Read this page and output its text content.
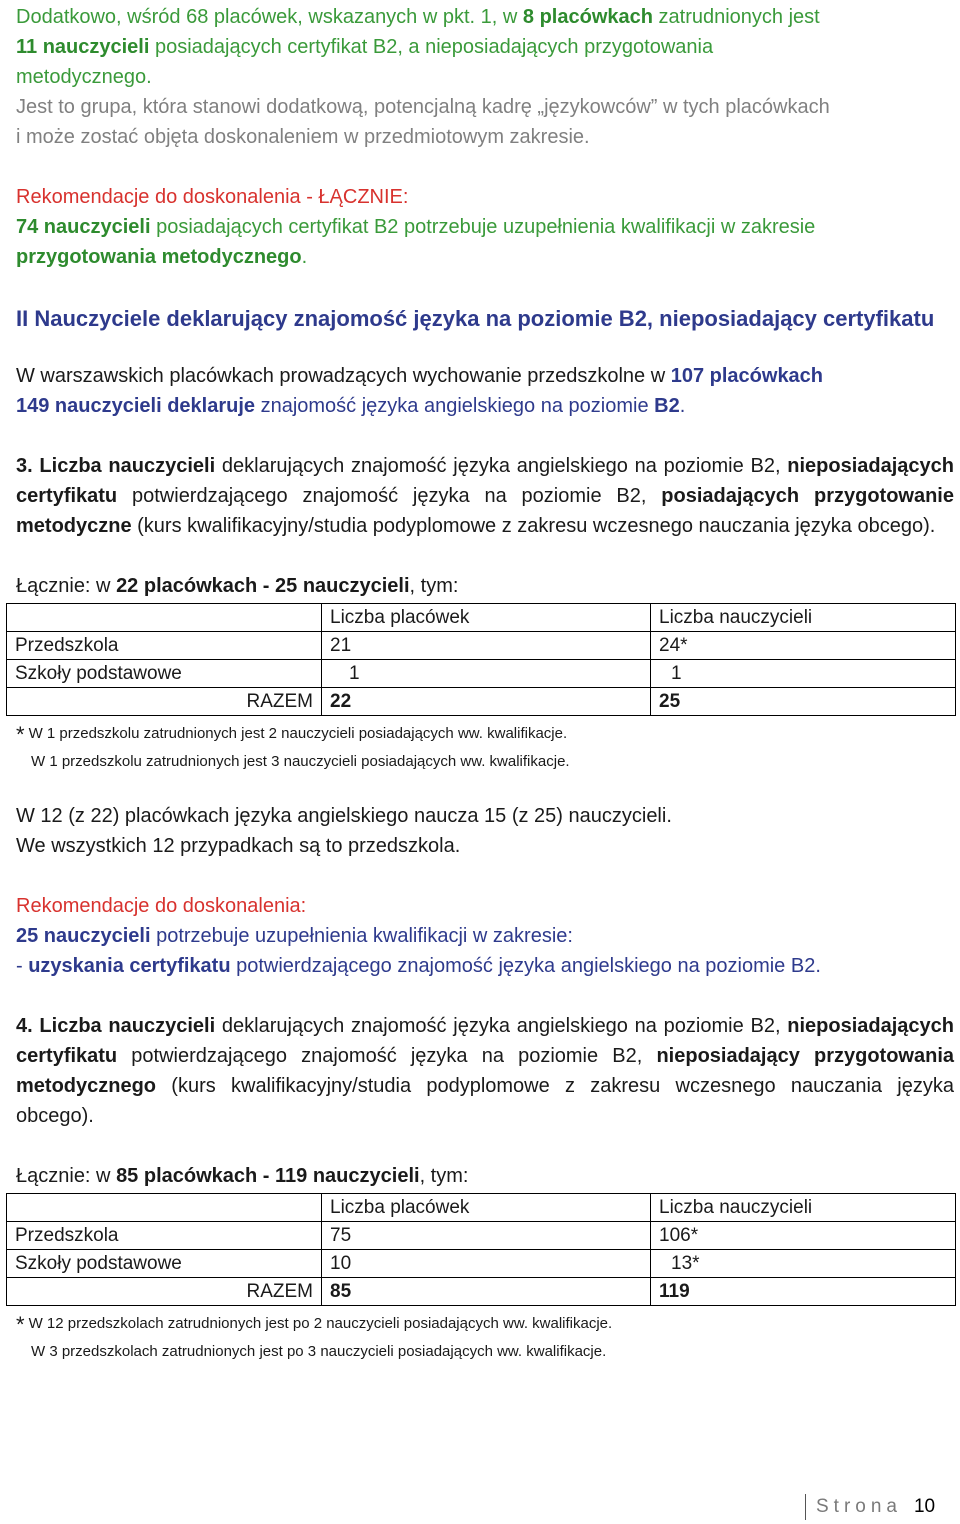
Dodatkowo, wśród 68 placówek, wskazanych w pkt. 1, w 8 placówkach zatrudnionych jest

11 nauczycieli posiadających certyfikat B2, a nieposiadających przygotowania

metodycznego.

Jest to grupa, która stanowi dodatkową, potencjalną kadrę „językowców” w tych placówkach

i może zostać objęta doskonaleniem w przedmiotowym zakresie.

Rekomendacje do doskonalenia - ŁĄCZNIE:

74 nauczycieli posiadających certyfikat B2 potrzebuje uzupełnienia kwalifikacji w zakresie

przygotowania metodycznego.

II Nauczyciele deklarujący znajomość języka na poziomie B2, nieposiadający certyfikatu

W warszawskich placówkach prowadzących wychowanie przedszkolne w 107 placówkach

149 nauczycieli deklaruje znajomość języka angielskiego na poziomie B2.

3. Liczba nauczycieli deklarujących znajomość języka angielskiego na poziomie B2, nieposiadających certyfikatu potwierdzającego znajomość języka na poziomie B2, posiadających przygotowanie metodyczne (kurs kwalifikacyjny/studia podyplomowe z zakresu wczesnego nauczania języka obcego).

Łącznie: w 22 placówkach - 25 nauczycieli, tym:

	Liczba placówek	Liczba nauczycieli
Przedszkola	21	24*
Szkoły podstawowe	1	1
RAZEM	22	25

* W 1 przedszkolu zatrudnionych jest 2 nauczycieli posiadających ww. kwalifikacje.

W 1 przedszkolu zatrudnionych jest 3 nauczycieli posiadających ww. kwalifikacje.

W 12 (z 22) placówkach języka angielskiego naucza 15 (z 25) nauczycieli.

We wszystkich 12 przypadkach są to przedszkola.

Rekomendacje do doskonalenia:

25 nauczycieli potrzebuje uzupełnienia kwalifikacji w zakresie:

- uzyskania certyfikatu potwierdzającego znajomość języka angielskiego na poziomie B2.

4. Liczba nauczycieli deklarujących znajomość języka angielskiego na poziomie B2, nieposiadających certyfikatu potwierdzającego znajomość języka na poziomie B2, nieposiadający przygotowania metodycznego (kurs kwalifikacyjny/studia podyplomowe z zakresu wczesnego nauczania języka obcego).

Łącznie: w 85 placówkach - 119 nauczycieli, tym:

	Liczba placówek	Liczba nauczycieli
Przedszkola	75	106*
Szkoły podstawowe	10	13*
RAZEM	85	119

* W 12 przedszkolach zatrudnionych jest po 2 nauczycieli posiadających ww. kwalifikacje.

W 3 przedszkolach zatrudnionych jest po 3 nauczycieli posiadających ww. kwalifikacje.

Strona 10
